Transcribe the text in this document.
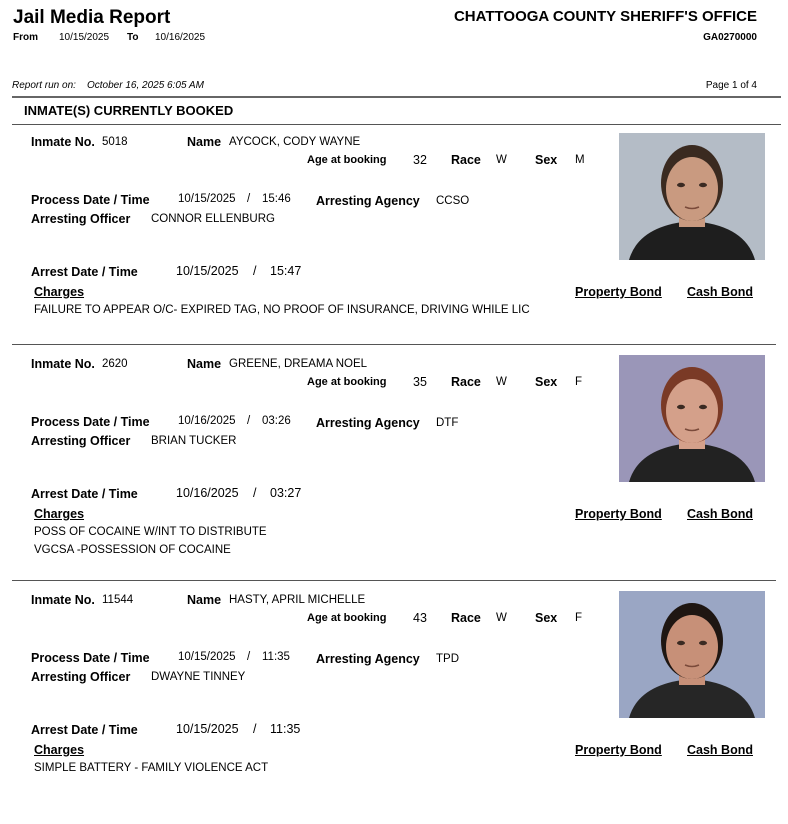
Jail Media Report	CHATTOOGA COUNTY SHERIFF'S OFFICE
From 10/15/2025 To 10/16/2025	GA0270000
Report run on: October 16, 2025 6:05 AM	Page 1 of 4
INMATE(S) CURRENTLY BOOKED
Inmate No. 5018	Name AYCOCK, CODY WAYNE
Age at booking 32 Race W Sex M
Process Date / Time 10/15/2025 / 15:46 Arresting Agency CCSO
Arresting Officer CONNOR ELLENBURG
Arrest Date / Time	10/15/2025 / 15:47
Charges	Property Bond Cash Bond
FAILURE TO APPEAR O/C- EXPIRED TAG, NO PROOF OF INSURANCE, DRIVING WHILE LIC
Inmate No. 2620	Name GREENE, DREAMA NOEL
Age at booking 35 Race W Sex F
Process Date / Time 10/16/2025 / 03:26 Arresting Agency DTF
Arresting Officer BRIAN TUCKER
Arrest Date / Time	10/16/2025 / 03:27
Charges	Property Bond Cash Bond
POSS OF COCAINE W/INT TO DISTRIBUTE
VGCSA -POSSESSION OF COCAINE
Inmate No. 11544	Name HASTY, APRIL MICHELLE
Age at booking 43 Race W Sex F
Process Date / Time 10/15/2025 / 11:35 Arresting Agency TPD
Arresting Officer DWAYNE TINNEY
Arrest Date / Time	10/15/2025 / 11:35
Charges	Property Bond Cash Bond
SIMPLE BATTERY - FAMILY VIOLENCE ACT
